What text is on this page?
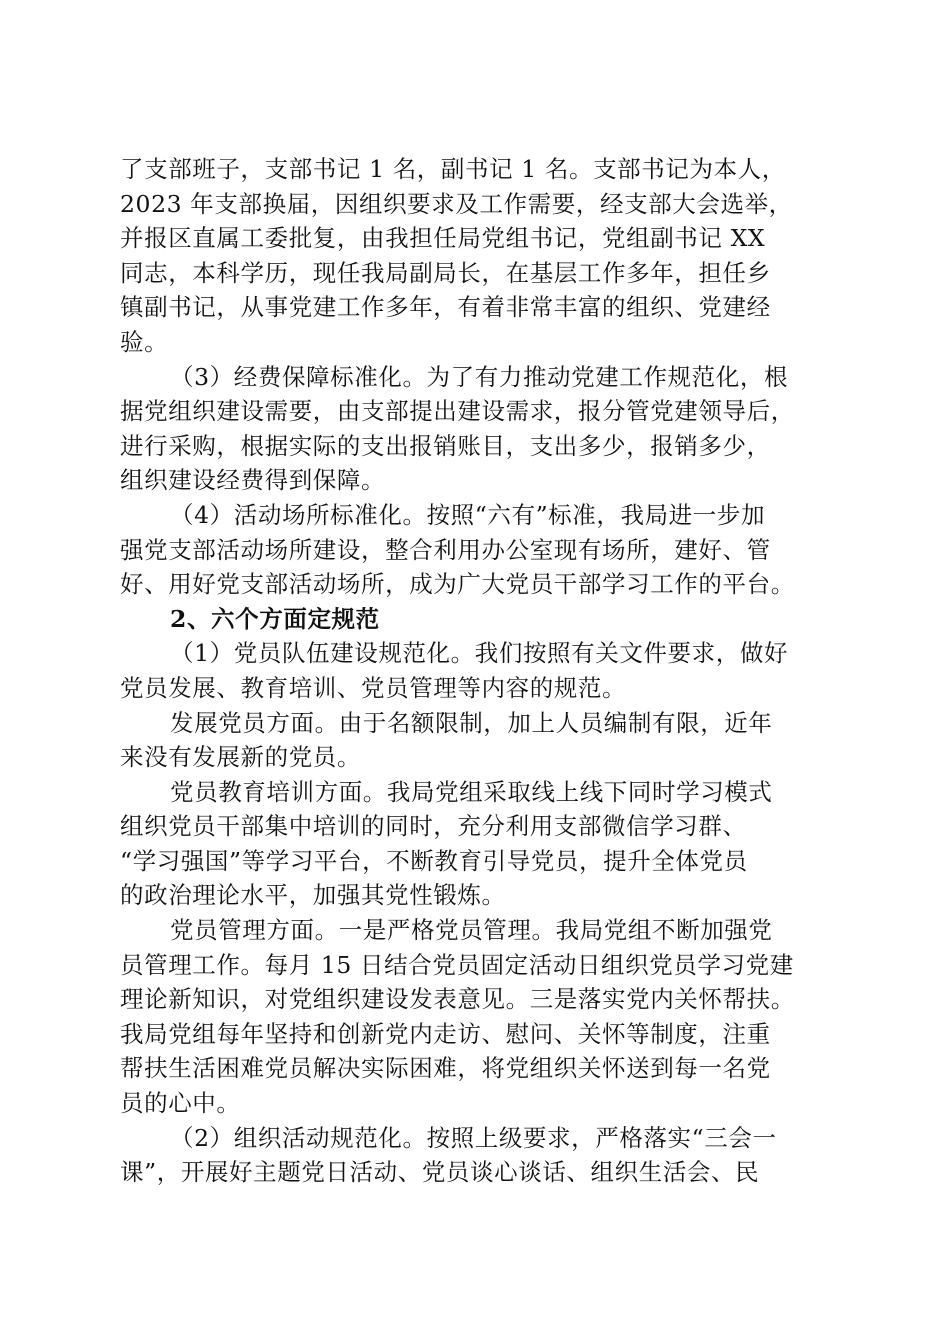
了支部班子，支部书记 1 名，副书记 1 名。支部书记为本人，
2023 年支部换届，因组织要求及工作需要，经支部大会选举，
并报区直属工委批复，由我担任局党组书记，党组副书记 XX
同志，本科学历，现任我局副局长，在基层工作多年，担任乡
镇副书记，从事党建工作多年，有着非常丰富的组织、党建经
验。
（3）经费保障标准化。为了有力推动党建工作规范化，根
据党组织建设需要，由支部提出建设需求，报分管党建领导后，
进行采购，根据实际的支出报销账目，支出多少，报销多少，
组织建设经费得到保障。
（4）活动场所标准化。按照“六有”标准，我局进一步加
强党支部活动场所建设，整合利用办公室现有场所，建好、管
好、用好党支部活动场所，成为广大党员干部学习工作的平台。
2、六个方面定规范
（1）党员队伍建设规范化。我们按照有关文件要求，做好
党员发展、教育培训、党员管理等内容的规范。
发展党员方面。由于名额限制，加上人员编制有限，近年
来没有发展新的党员。
党员教育培训方面。我局党组采取线上线下同时学习模式
组织党员干部集中培训的同时，充分利用支部微信学习群、
“学习强国”等学习平台，不断教育引导党员，提升全体党员
的政治理论水平，加强其党性锻炼。
党员管理方面。一是严格党员管理。我局党组不断加强党
员管理工作。每月 15 日结合党员固定活动日组织党员学习党建
理论新知识，对党组织建设发表意见。三是落实党内关怀帮扶。
我局党组每年坚持和创新党内走访、慰问、关怀等制度，注重
帮扶生活困难党员解决实际困难，将党组织关怀送到每一名党
员的心中。
（2）组织活动规范化。按照上级要求，严格落实“三会一
课”，开展好主题党日活动、党员谈心谈话、组织生活会、民
